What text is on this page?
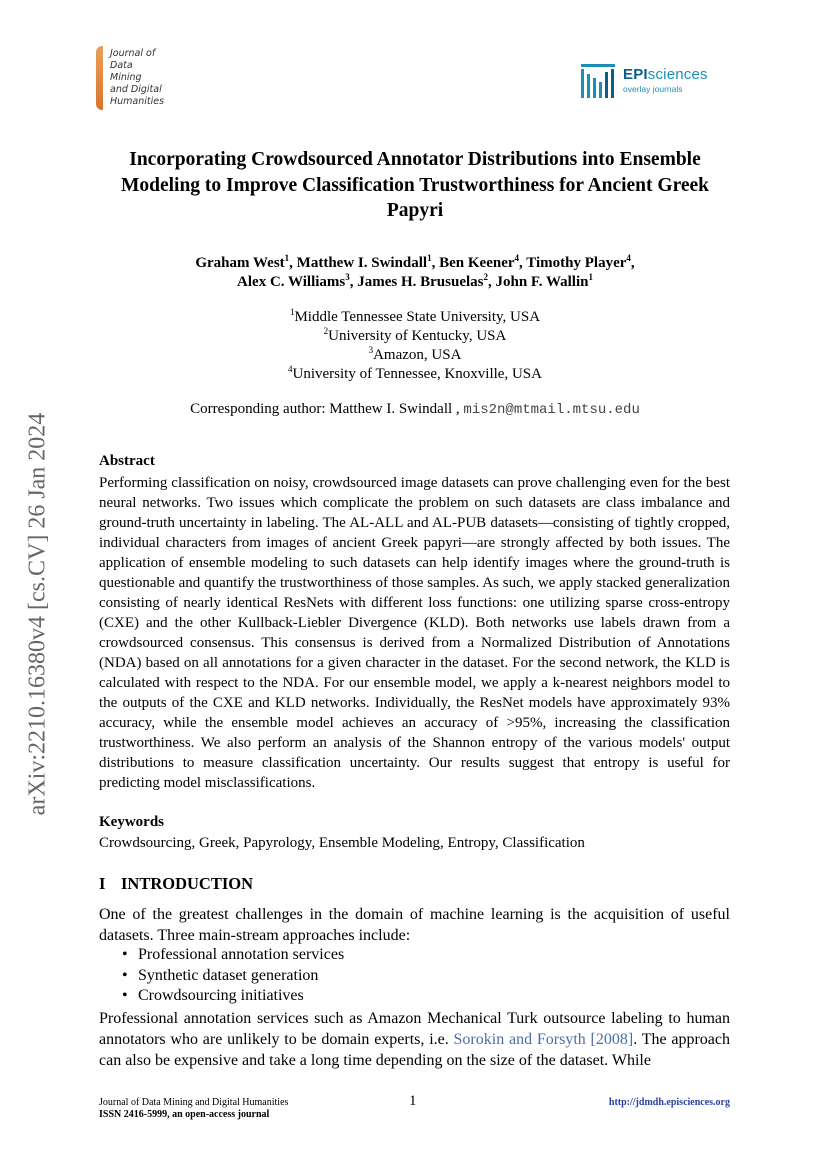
Journal of
Data Mining
and Digital
Humanities
EPIsciences
overlay journals
arXiv:2210.16380v4 [cs.CV] 26 Jan 2024
Incorporating Crowdsourced Annotator Distributions into Ensemble Modeling to Improve Classification Trustworthiness for Ancient Greek Papyri
Graham West$^1$, Matthew I. Swindall$^1$, Ben Keener$^4$, Timothy Player$^4$,
Alex C. Williams$^3$, James H. Brusuelas$^2$, John F. Wallin$^1$
$^1$Middle Tennessee State University, USA
$^2$University of Kentucky, USA
$^3$Amazon, USA
$^4$University of Tennessee, Knoxville, USA
Corresponding author: Matthew I. Swindall , mis2n@mtmail.mtsu.edu
Abstract
Performing classification on noisy, crowdsourced image datasets can prove challenging even for the best neural networks. Two issues which complicate the problem on such datasets are class imbalance and ground-truth uncertainty in labeling. The AL-ALL and AL-PUB datasets—consisting of tightly cropped, individual characters from images of ancient Greek papyri—are strongly affected by both issues. The application of ensemble modeling to such datasets can help identify images where the ground-truth is questionable and quantify the trustworthiness of those samples. As such, we apply stacked generalization consisting of nearly identical ResNets with different loss functions: one utilizing sparse cross-entropy (CXE) and the other Kullback-Liebler Divergence (KLD). Both networks use labels drawn from a crowdsourced consensus. This consensus is derived from a Normalized Distribution of Annotations (NDA) based on all annotations for a given character in the dataset. For the second network, the KLD is calculated with respect to the NDA. For our ensemble model, we apply a k-nearest neighbors model to the outputs of the CXE and KLD networks. Individually, the ResNet models have approximately 93% accuracy, while the ensemble model achieves an accuracy of >95%, increasing the classification trustworthiness. We also perform an analysis of the Shannon entropy of the various models' output distributions to measure classification uncertainty. Our results suggest that entropy is useful for predicting model misclassifications.
Keywords
Crowdsourcing, Greek, Papyrology, Ensemble Modeling, Entropy, Classification
I INTRODUCTION
One of the greatest challenges in the domain of machine learning is the acquisition of useful datasets. Three main-stream approaches include:
• Professional annotation services
• Synthetic dataset generation
• Crowdsourcing initiatives
Professional annotation services such as Amazon Mechanical Turk outsource labeling to human annotators who are unlikely to be domain experts, i.e. Sorokin and Forsyth [2008]. The approach can also be expensive and take a long time depending on the size of the dataset. While
Journal of Data Mining and Digital Humanities
ISSN 2416-5999, an open-access journal
1	http://jdmdh.episciences.org
